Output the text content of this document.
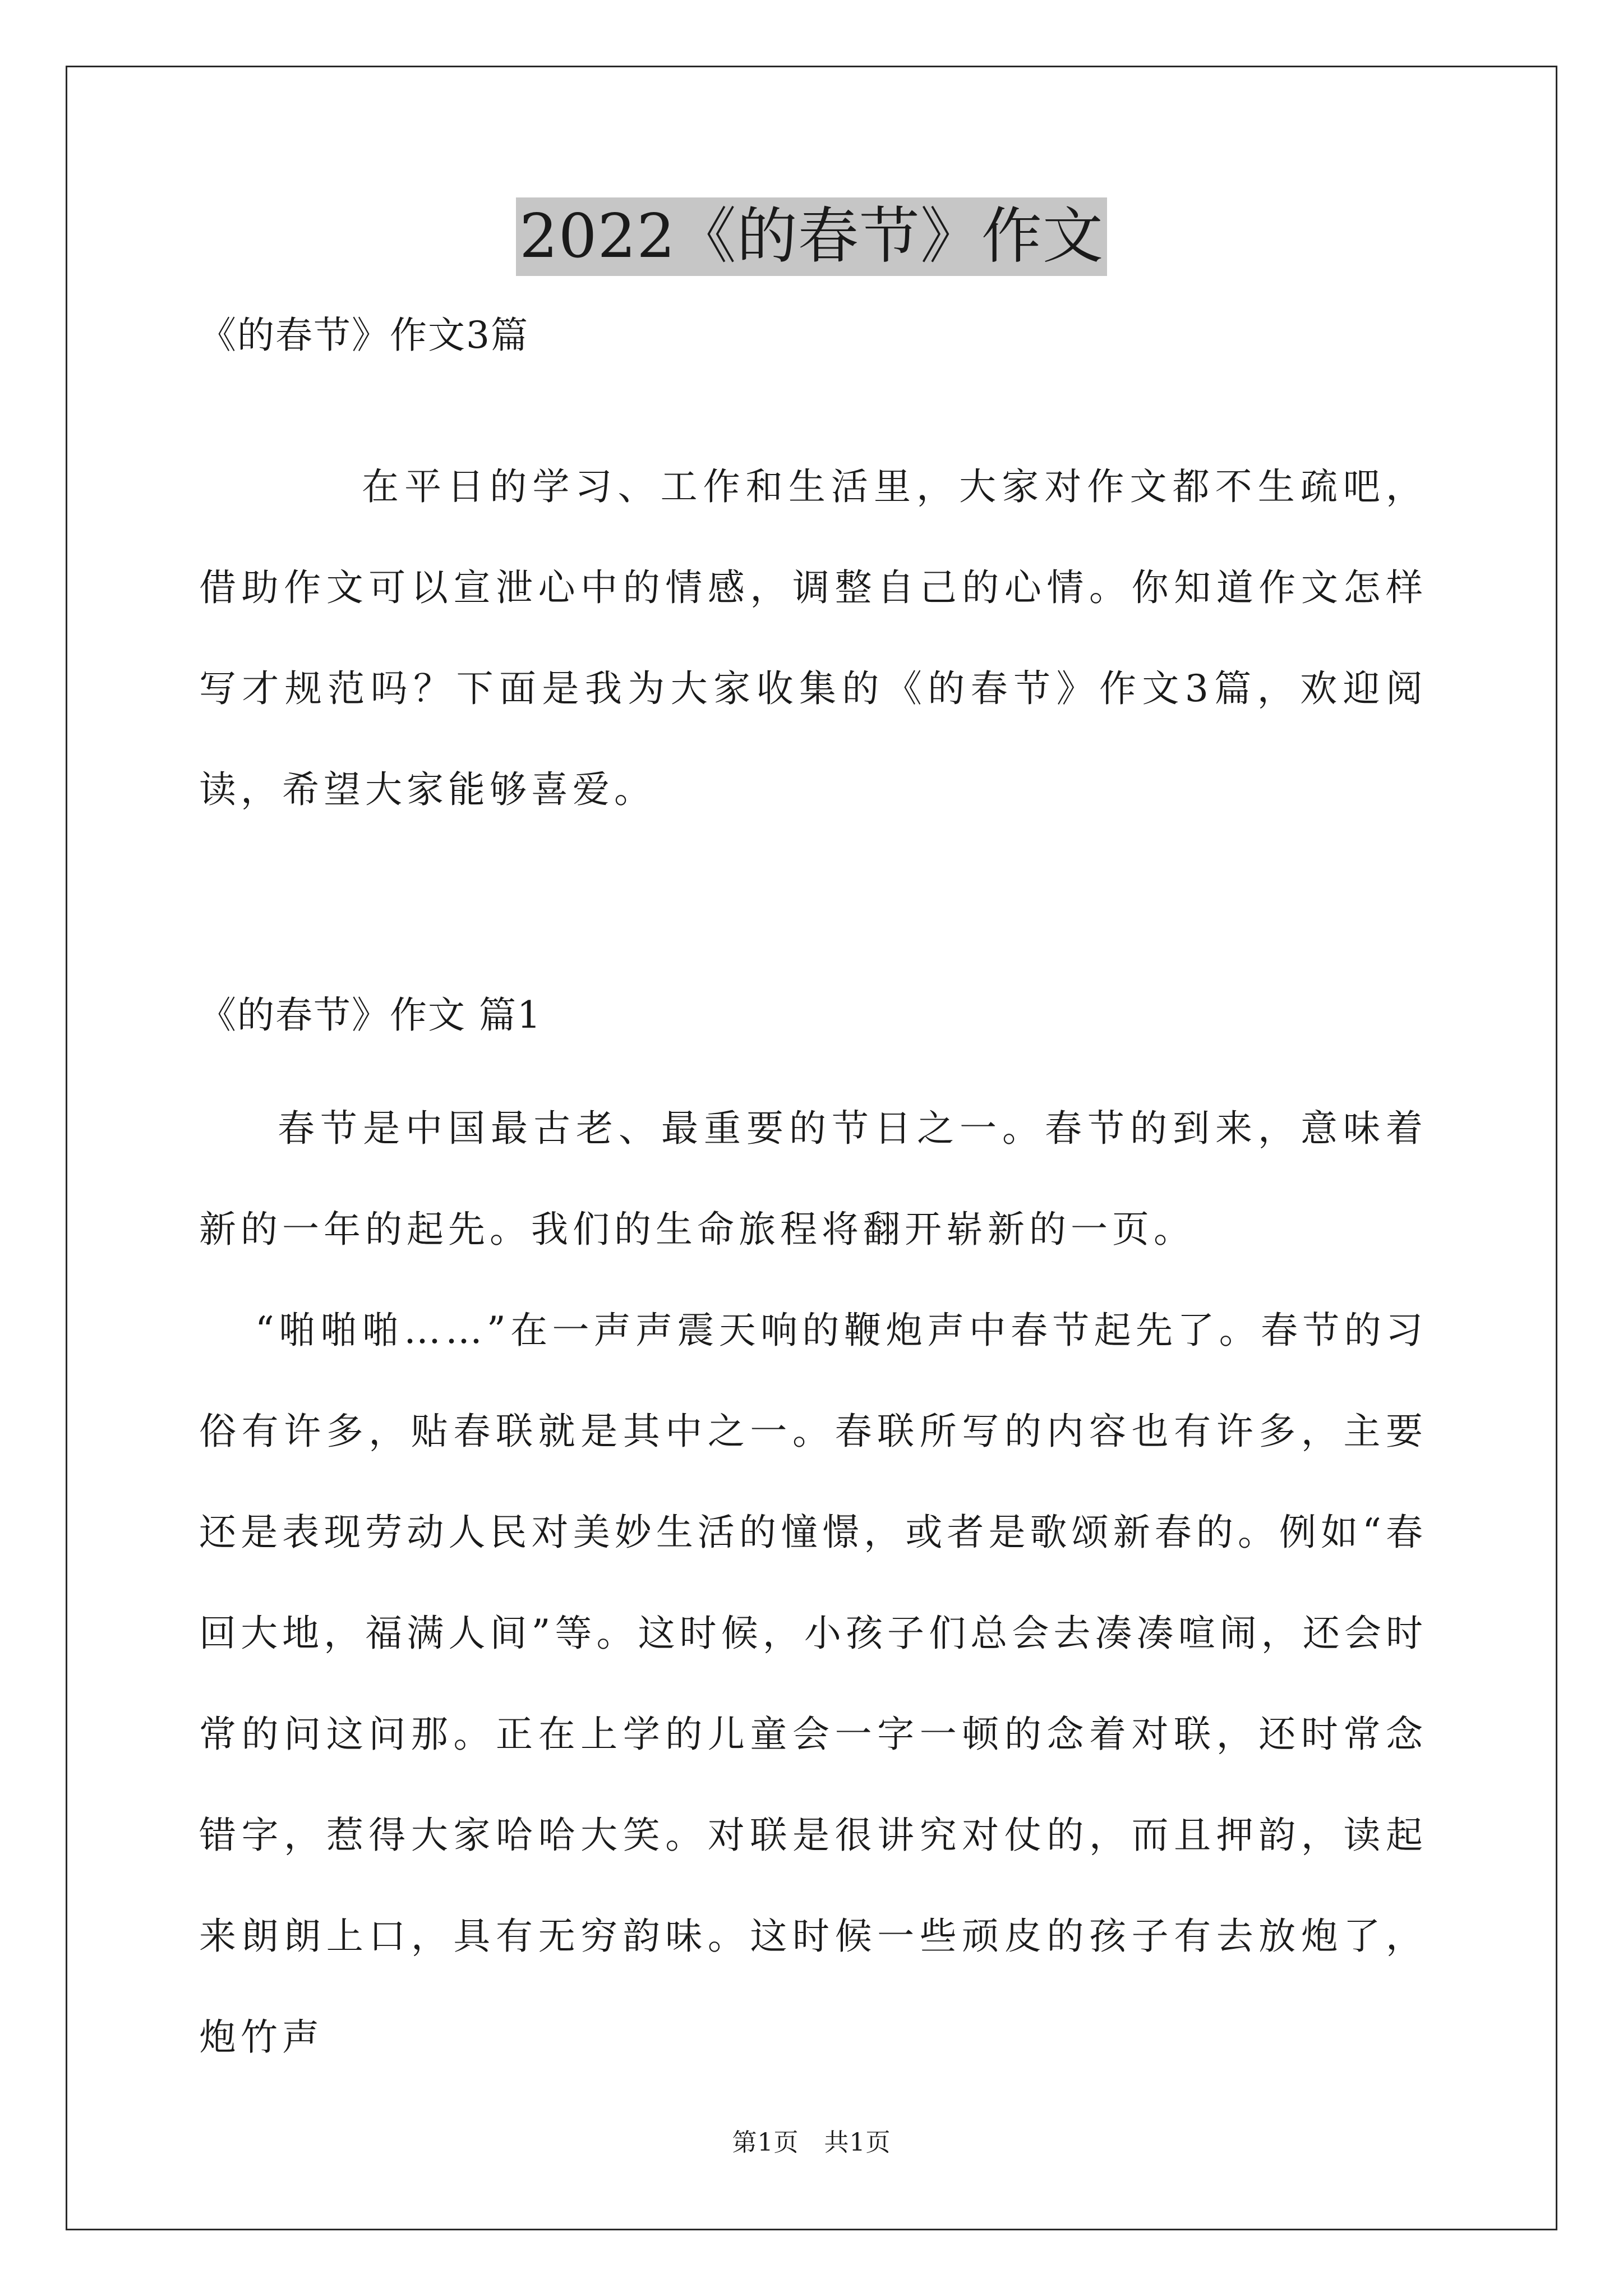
2022《的春节》作文
《的春节》作文3篇

在平日的学习、工作和生活里，大家对作文都不生疏吧，借助作文可以宣泄心中的情感，调整自己的心情。你知道作文怎样写才规范吗？下面是我为大家收集的《的春节》作文3篇，欢迎阅读，希望大家能够喜爱。

《的春节》作文 篇1

春节是中国最古老、最重要的节日之一。春节的到来，意味着新的一年的起先。我们的生命旅程将翻开崭新的一页。

“啪啪啪……”在一声声震天响的鞭炮声中春节起先了。春节的习俗有许多，贴春联就是其中之一。春联所写的内容也有许多，主要还是表现劳动人民对美妙生活的憧憬，或者是歌颂新春的。例如“春回大地，福满人间”等。这时候，小孩子们总会去凑凑喧闹，还会时常的问这问那。正在上学的儿童会一字一顿的念着对联，还时常念错字，惹得大家哈哈大笑。对联是很讲究对仗的，而且押韵，读起来朗朗上口，具有无穷韵味。这时候一些顽皮的孩子有去放炮了，炮竹声

第1页　共1页
